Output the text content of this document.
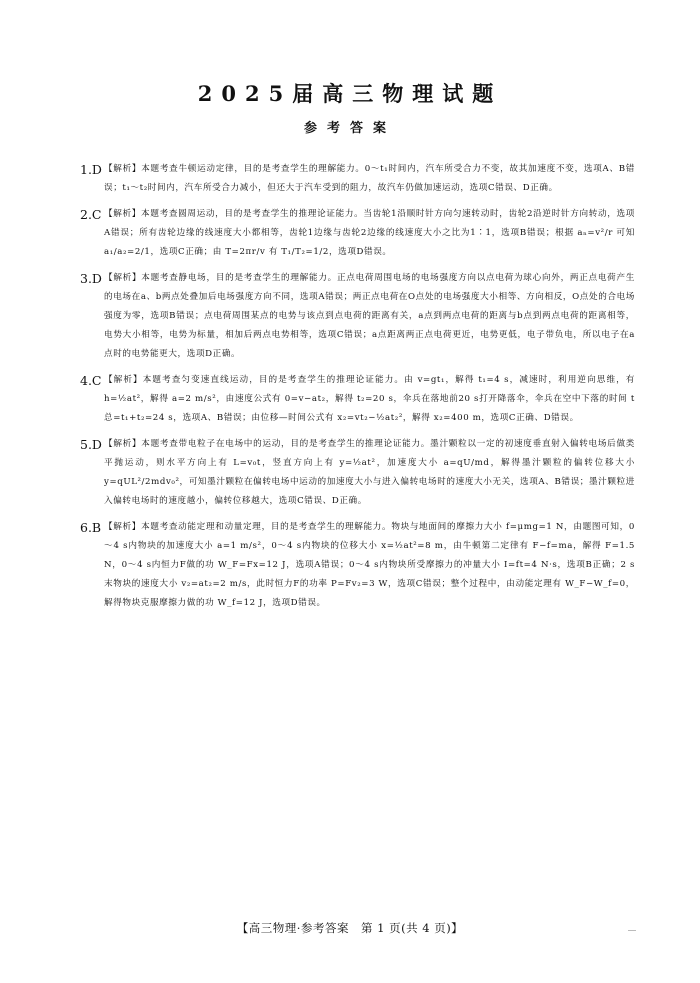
2025届高三物理试题
参考答案
1.D 【解析】本题考查牛顿运动定律，目的是考查学生的理解能力。0～t₁时间内，汽车所受合力不变，故其加速度不变，选项A、B错误；t₁～t₂时间内，汽车所受合力减小，但还大于汽车受到的阻力，故汽车仍做加速运动，选项C错误、D正确。
2.C 【解析】本题考查圆周运动，目的是考查学生的推理论证能力。当齿轮1沿顺时针方向匀速转动时，齿轮2沿逆时针方向转动，选项A错误；所有齿轮边缘的线速度大小都相等，齿轮1边缘与齿轮2边缘的线速度大小之比为1∶1，选项B错误；根据 aₙ=v²/r 可知 a₁/a₂=2/1，选项C正确；由 T=2πr/v 有 T₁/T₂=1/2，选项D错误。
3.D 【解析】本题考查静电场，目的是考查学生的理解能力。正点电荷周围电场的电场强度方向以点电荷为球心向外，两正点电荷产生的电场在a、b两点处叠加后电场强度方向不同，选项A错误；两正点电荷在O点处的电场强度大小相等、方向相反，O点处的合电场强度为零，选项B错误；点电荷周围某点的电势与该点到点电荷的距离有关，a点到两点电荷的距离与b点到两点电荷的距离相等，电势大小相等，电势为标量，相加后两点电势相等，选项C错误；a点距离两正点电荷更近，电势更低，电子带负电，所以电子在a点时的电势能更大，选项D正确。
4.C 【解析】本题考查匀变速直线运动，目的是考查学生的推理论证能力。由 v=gt₁，解得 t₁=4 s，减速时，利用逆向思维，有 h=½at²，解得 a=2 m/s²，由速度公式有 0=v−at₂，解得 t₂=20 s，伞兵在落地前20 s打开降落伞，伞兵在空中下落的时间 t总=t₁+t₂=24 s，选项A、B错误；由位移—时间公式有 x₂=vt₂−½at₂²，解得 x₂=400 m，选项C正确、D错误。
5.D 【解析】本题考查带电粒子在电场中的运动，目的是考查学生的推理论证能力。墨汁颗粒以一定的初速度垂直射入偏转电场后做类平抛运动，则水平方向上有 L=v₀t，竖直方向上有 y=½at²，加速度大小 a=qU/md，解得墨汁颗粒的偏转位移大小 y=qUL²/2mdv₀²，可知墨汁颗粒在偏转电场中运动的加速度大小与进入偏转电场时的速度大小无关，选项A、B错误；墨汁颗粒进入偏转电场时的速度越小，偏转位移越大，选项C错误、D正确。
6.B 【解析】本题考查动能定理和动量定理，目的是考查学生的理解能力。物块与地面间的摩擦力大小 f=μmg=1 N，由题图可知，0～4 s内物块的加速度大小 a=1 m/s²，0～4 s内物块的位移大小 x=½at²=8 m，由牛顿第二定律有 F−f=ma，解得 F=1.5 N，0～4 s内恒力F做的功 W_F=Fx=12 J，选项A错误；0～4 s内物块所受摩擦力的冲量大小 I=ft=4 N·s，选项B正确；2 s末物块的速度大小 v₂=at₂=2 m/s，此时恒力F的功率 P=Fv₂=3 W，选项C错误；整个过程中，由动能定理有 W_F−W_f=0，解得物块克服摩擦力做的功 W_f=12 J，选项D错误。
【高三物理·参考答案　第 1 页(共 4 页)】
